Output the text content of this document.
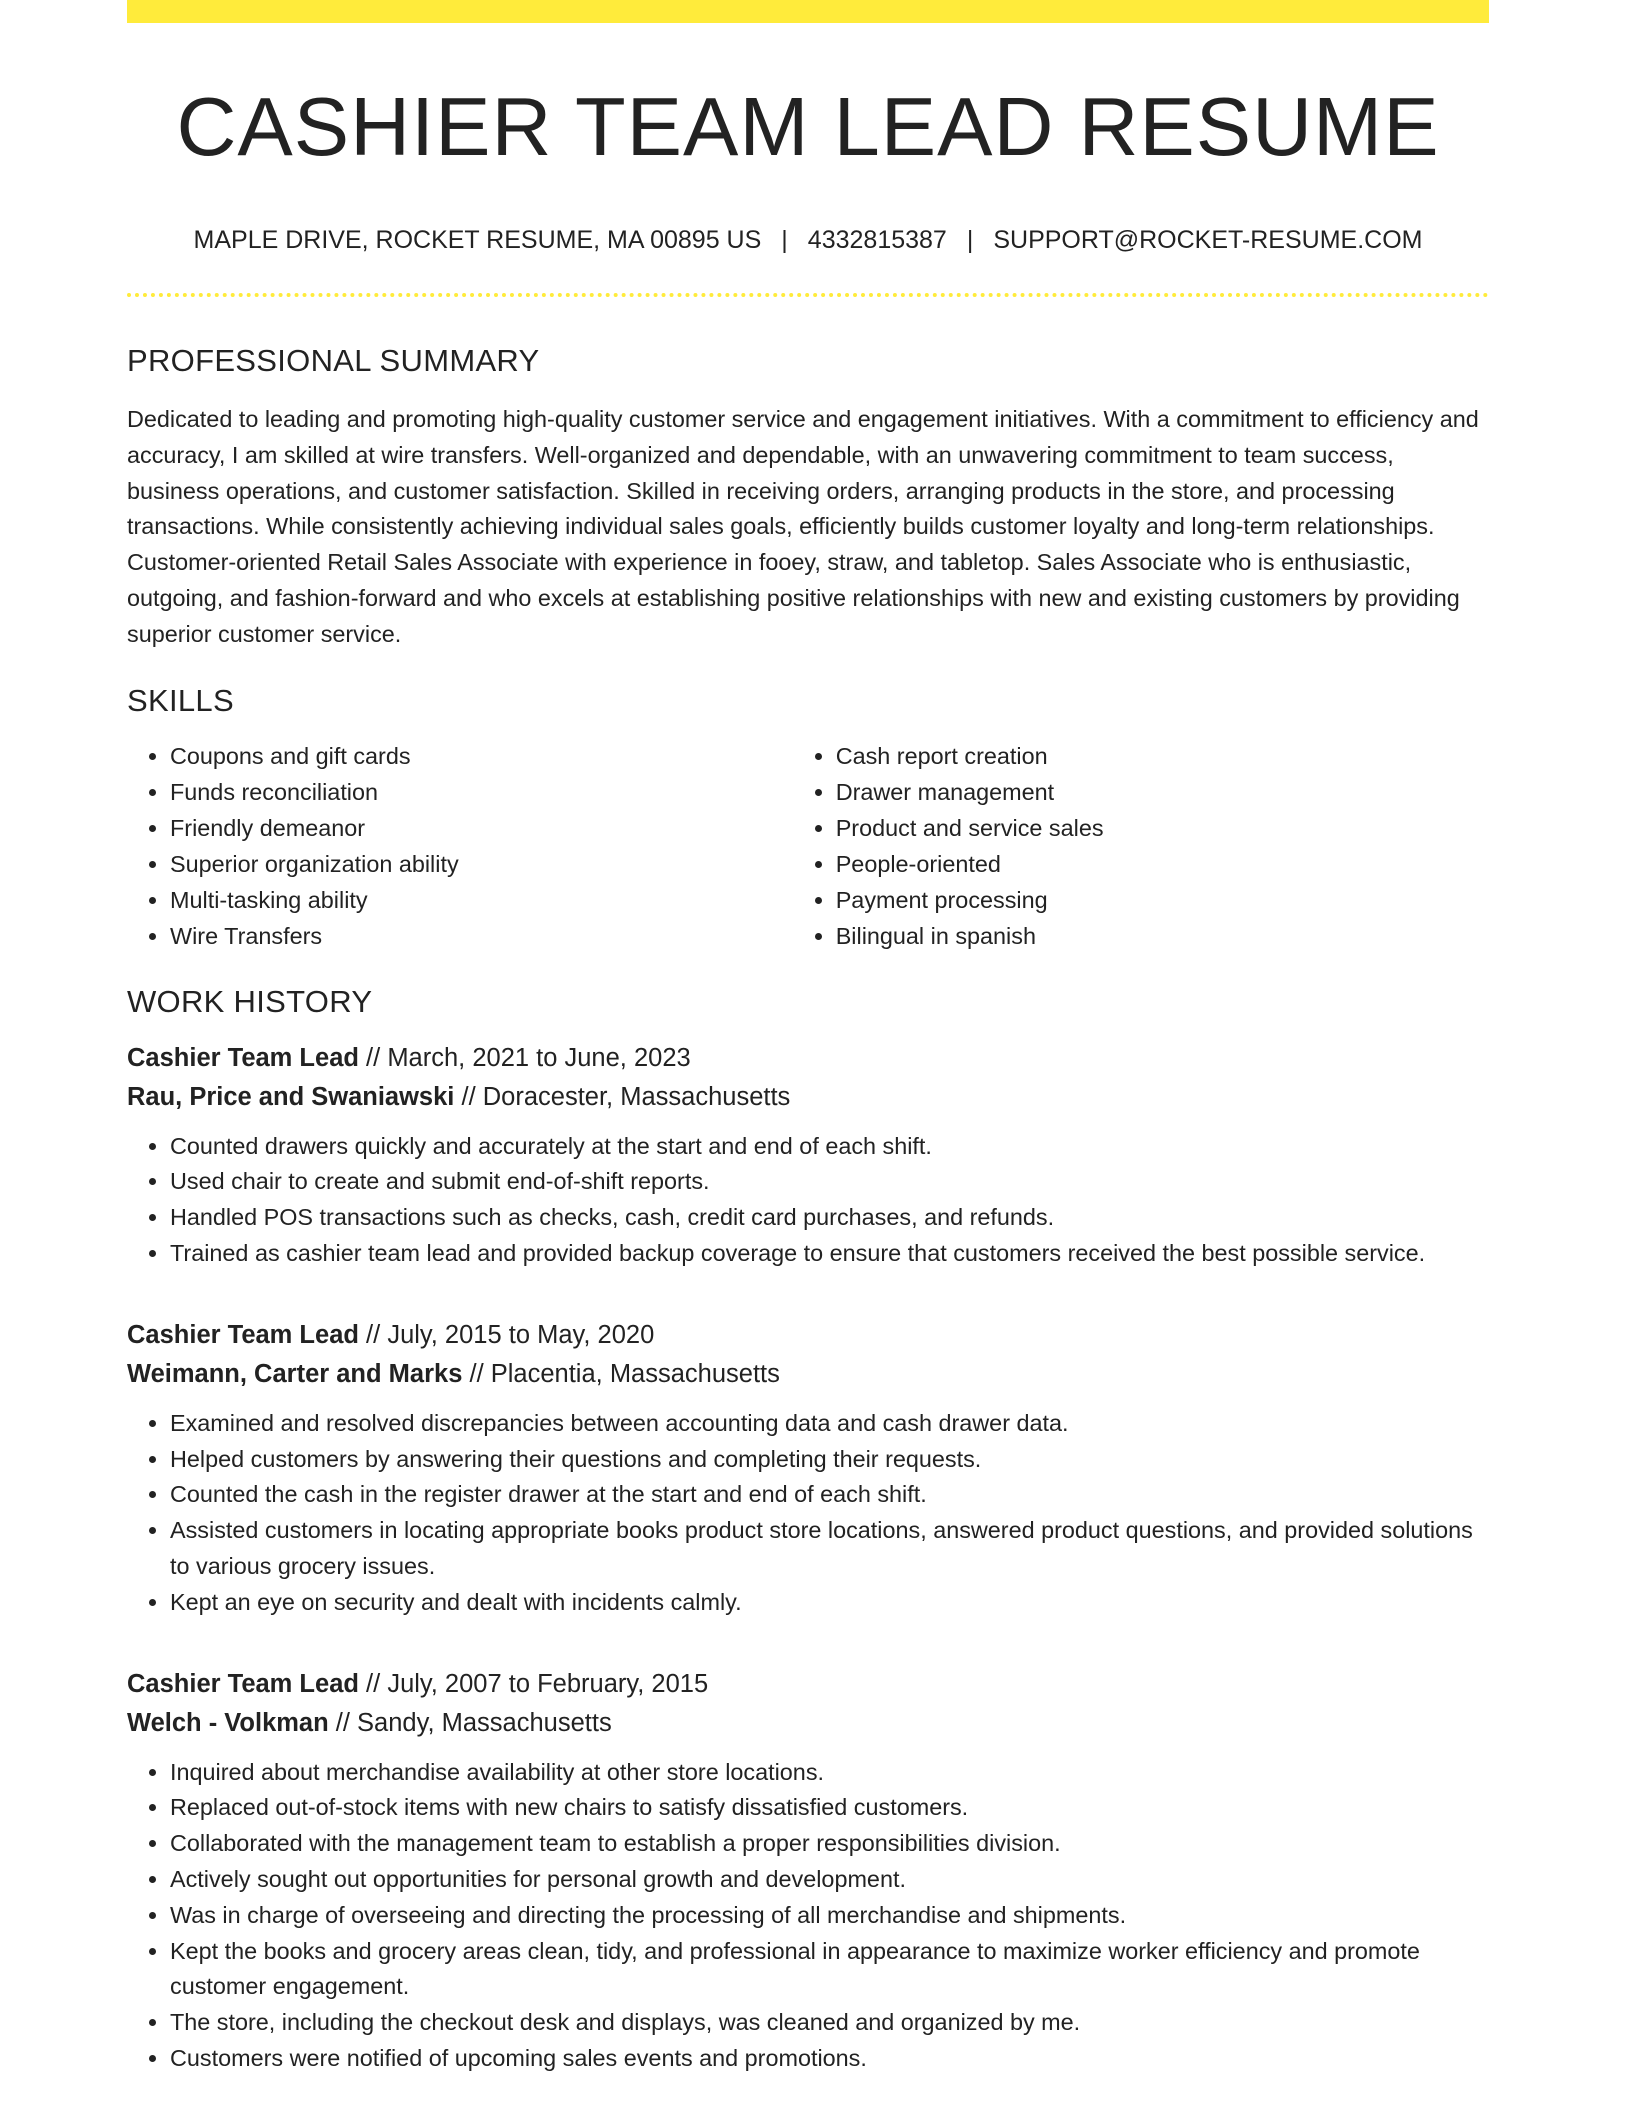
CASHIER TEAM LEAD RESUME
MAPLE DRIVE, ROCKET RESUME, MA 00895 US | 4332815387 | SUPPORT@ROCKET-RESUME.COM
PROFESSIONAL SUMMARY

Dedicated to leading and promoting high-quality customer service and engagement initiatives. With a commitment to efficiency and accuracy, I am skilled at wire transfers. Well-organized and dependable, with an unwavering commitment to team success, business operations, and customer satisfaction. Skilled in receiving orders, arranging products in the store, and processing transactions. While consistently achieving individual sales goals, efficiently builds customer loyalty and long-term relationships. Customer-oriented Retail Sales Associate with experience in fooey, straw, and tabletop. Sales Associate who is enthusiastic, outgoing, and fashion-forward and who excels at establishing positive relationships with new and existing customers by providing superior customer service.

SKILLS
• Coupons and gift cards
• Funds reconciliation
• Friendly demeanor
• Superior organization ability
• Multi-tasking ability
• Wire Transfers
• Cash report creation
• Drawer management
• Product and service sales
• People-oriented
• Payment processing
• Bilingual in spanish
WORK HISTORY
Cashier Team Lead // March, 2021 to June, 2023
Rau, Price and Swaniawski // Doracester, Massachusetts
• Counted drawers quickly and accurately at the start and end of each shift.
• Used chair to create and submit end-of-shift reports.
• Handled POS transactions such as checks, cash, credit card purchases, and refunds.
• Trained as cashier team lead and provided backup coverage to ensure that customers received the best possible service.
Cashier Team Lead // July, 2015 to May, 2020
Weimann, Carter and Marks // Placentia, Massachusetts
• Examined and resolved discrepancies between accounting data and cash drawer data.
• Helped customers by answering their questions and completing their requests.
• Counted the cash in the register drawer at the start and end of each shift.
• Assisted customers in locating appropriate books product store locations, answered product questions, and provided solutions to various grocery issues.
• Kept an eye on security and dealt with incidents calmly.
Cashier Team Lead // July, 2007 to February, 2015
Welch - Volkman // Sandy, Massachusetts
• Inquired about merchandise availability at other store locations.
• Replaced out-of-stock items with new chairs to satisfy dissatisfied customers.
• Collaborated with the management team to establish a proper responsibilities division.
• Actively sought out opportunities for personal growth and development.
• Was in charge of overseeing and directing the processing of all merchandise and shipments.
• Kept the books and grocery areas clean, tidy, and professional in appearance to maximize worker efficiency and promote customer engagement.
• The store, including the checkout desk and displays, was cleaned and organized by me.
• Customers were notified of upcoming sales events and promotions.
